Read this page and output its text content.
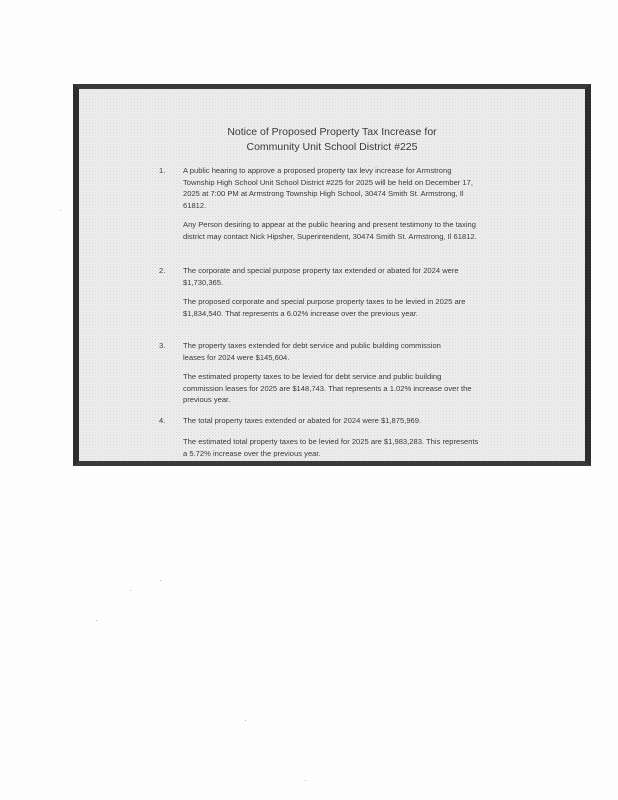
Notice of Proposed Property Tax Increase for
Community Unit School District #225
1. A public hearing to approve a proposed property tax levy increase for Armstrong Township High School Unit School District #225 for 2025 will be held on December 17, 2025 at 7:00 PM at Armstrong Township High School, 30474 Smith St. Armstrong, Il 61812.

Any Person desiring to appear at the public hearing and present testimony to the taxing district may contact Nick Hipsher, Superintendent, 30474 Smith St. Armstrong, Il 61812.

2. The corporate and special purpose property tax extended or abated for 2024 were $1,730,365.

The proposed corporate and special purpose property taxes to be levied in 2025 are $1,834,540. That represents a 6.02% increase over the previous year.

3. The property taxes extended for debt service and public building commission leases for 2024 were $145,604.

The estimated property taxes to be levied for debt service and public building commission leases for 2025 are $148,743. That represents a 1.02% increase over the previous year.

4. The total property taxes extended or abated for 2024 were $1,875,969.

The estimated total property taxes to be levied for 2025 are $1,983,283. This represents a 5.72% increase over the previous year.
